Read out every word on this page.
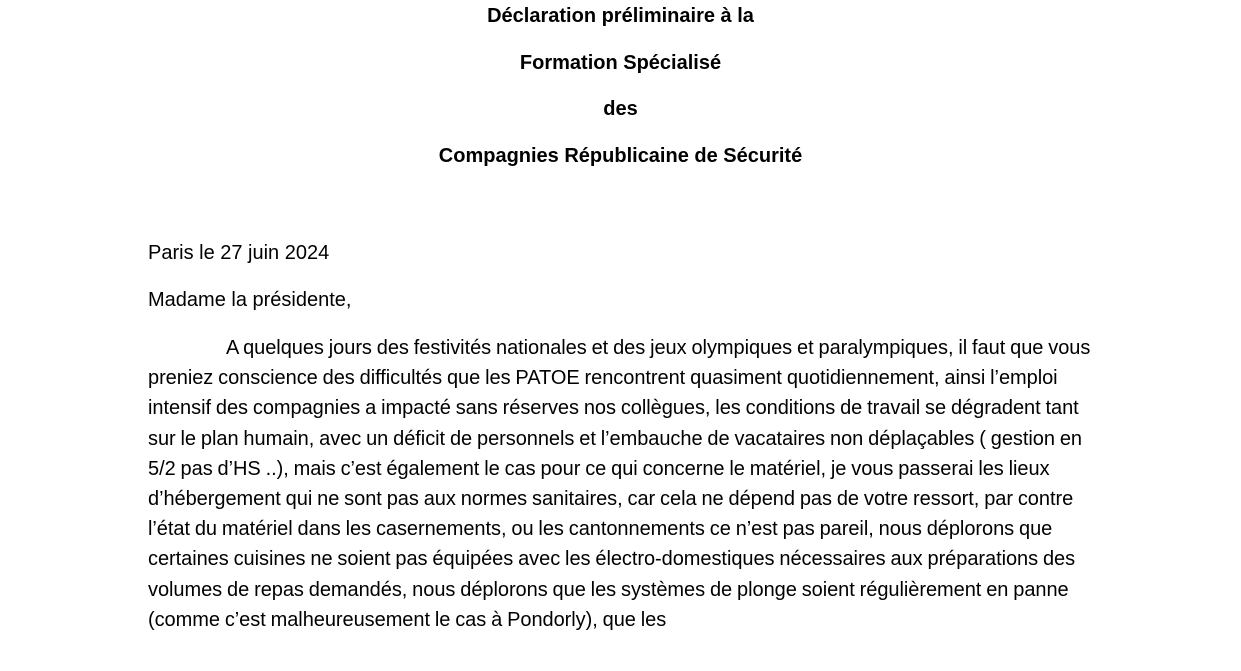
Déclaration préliminaire à la
Formation Spécialisé
des
Compagnies Républicaine de Sécurité
Paris le 27 juin 2024
Madame la présidente,
A quelques jours des festivités nationales et des jeux olympiques et paralympiques, il faut que vous preniez conscience des difficultés que les PATOE rencontrent quasiment quotidiennement, ainsi l’emploi intensif des compagnies a impacté sans réserves nos collègues, les conditions de travail se dégradent tant sur le plan humain, avec un déficit de personnels et l’embauche de vacataires non déplaçables ( gestion en 5/2 pas d’HS ..), mais c’est également le cas pour ce qui concerne le matériel, je vous passerai les lieux d’hébergement qui ne sont pas aux normes sanitaires, car cela ne dépend pas de votre ressort, par contre l’état du matériel dans les casernements, ou les cantonnements ce n’est pas pareil, nous déplorons que certaines cuisines ne soient pas équipées avec les électro-domestiques nécessaires aux préparations des volumes de repas demandés, nous déplorons que les systèmes de plonge soient régulièrement en panne (comme c’est malheureusement le cas à Pondorly), que les
